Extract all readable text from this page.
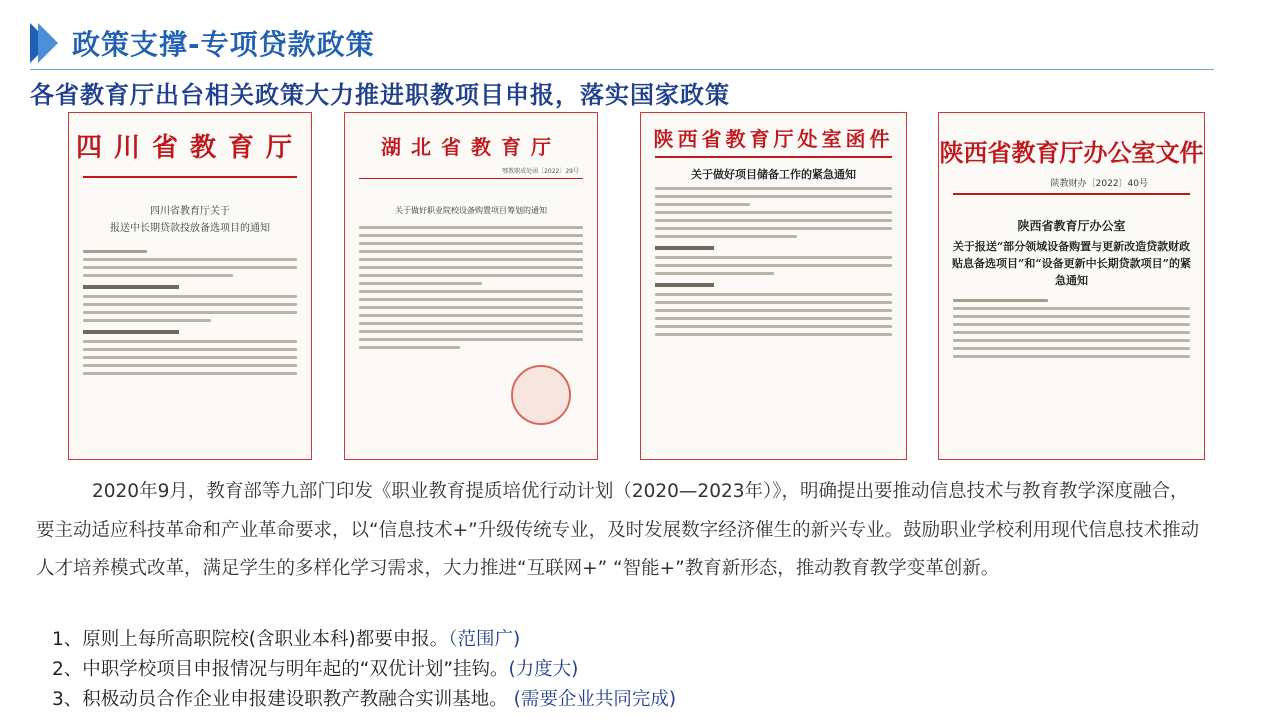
政策支撑-专项贷款政策
各省教育厅出台相关政策大力推进职教项目申报，落实国家政策
四川省教育厅
四川省教育厅关于
报送中长期贷款投放备选项目的通知
湖北省教育厅
鄂教职成处函〔2022〕29号
关于做好职业院校设备购置项目筹划的通知
陕西省教育厅处室函件
关于做好项目储备工作的紧急通知
陕西省教育厅办公室文件
陕教财办〔2022〕40号
陕西省教育厅办公室
关于报送“部分领域设备购置与更新改造贷款财政贴息备选项目”和“设备更新中长期贷款项目”的紧急通知
2020年9月，教育部等九部门印发《职业教育提质培优行动计划（2020—2023年）》，明确提出要推动信息技术与教育教学深度融合，要主动适应科技革命和产业革命要求，以“信息技术+”升级传统专业，及时发展数字经济催生的新兴专业。鼓励职业学校利用现代信息技术推动人才培养模式改革，满足学生的多样化学习需求，大力推进“互联网+” “智能+”教育新形态，推动教育教学变革创新。
1、原则上每所高职院校(含职业本科)都要申报。（范围广)
2、中职学校项目申报情况与明年起的“双优计划”挂钩。(力度大)
3、积极动员合作企业申报建设职教产教融合实训基地。 (需要企业共同完成)
